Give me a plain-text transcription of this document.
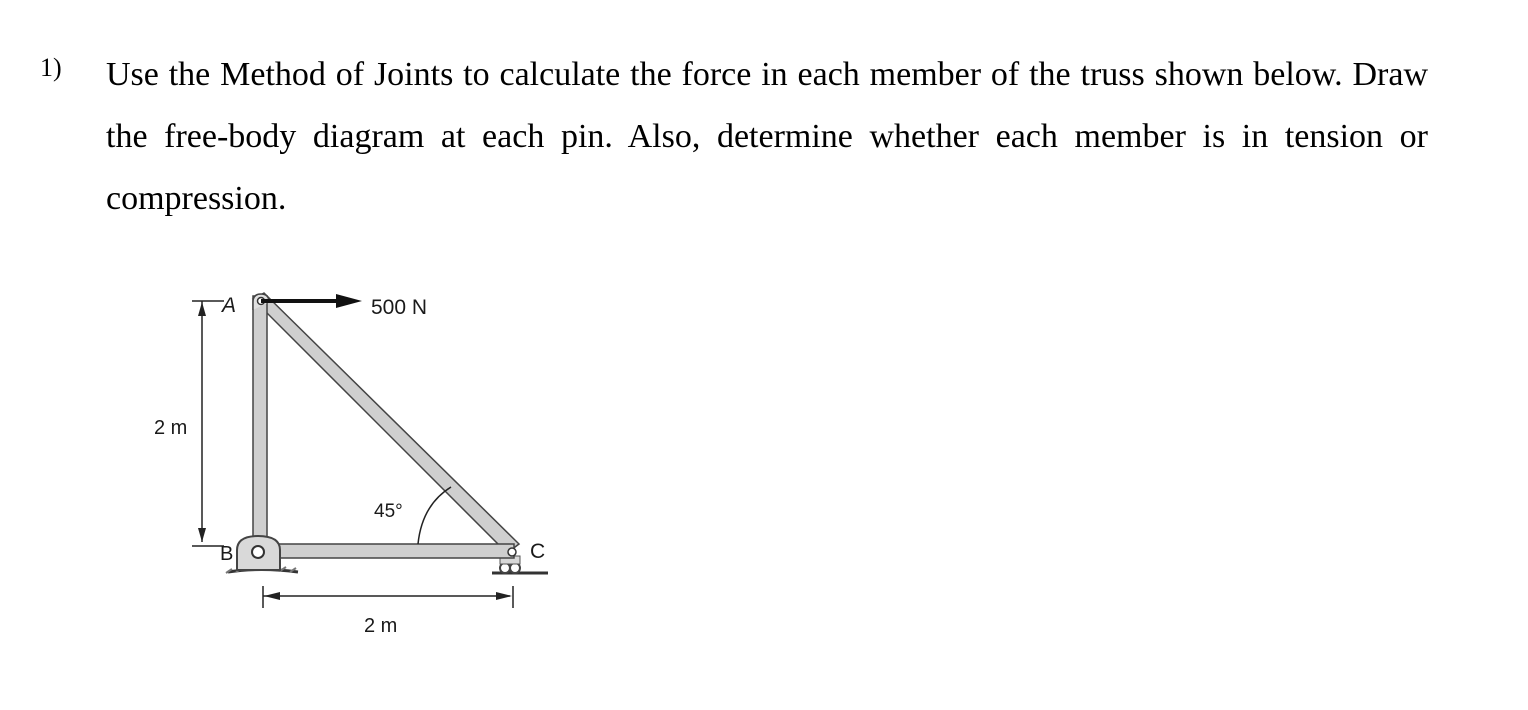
1) Use the Method of Joints to calculate the force in each member of the truss shown below. Draw the free-body diagram at each pin. Also, determine whether each member is in tension or compression.
A
B	C
500 N
2 m
2 m
45°
